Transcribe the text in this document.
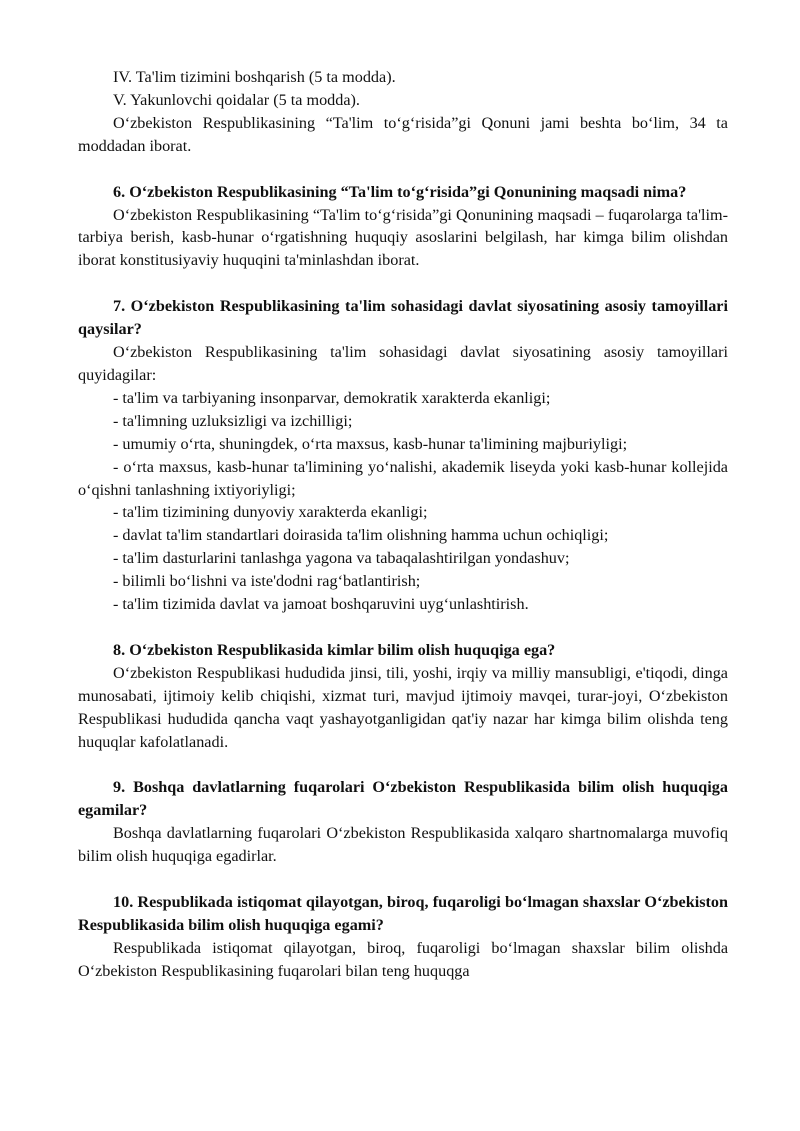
IV. Ta'lim tizimini boshqarish (5 ta modda).

V. Yakunlovchi qoidalar (5 ta modda).

O‘zbekiston Respublikasining “Ta'lim to‘g‘risida”gi Qonuni jami beshta bo‘lim, 34 ta moddadan iborat.

6. O‘zbekiston Respublikasining “Ta'lim to‘g‘risida”gi Qonunining maqsadi nima?

O‘zbekiston Respublikasining “Ta'lim to‘g‘risida”gi Qonunining maqsadi – fuqarolarga ta'lim-tarbiya berish, kasb-hunar o‘rgatishning huquqiy asoslarini belgilash, har kimga bilim olishdan iborat konstitusiyaviy huquqini ta'minlashdan iborat.

7. O‘zbekiston Respublikasining ta'lim sohasidagi davlat siyosatining asosiy tamoyillari qaysilar?

O‘zbekiston Respublikasining ta'lim sohasidagi davlat siyosatining asosiy tamoyillari quyidagilar:

- ta'lim va tarbiyaning insonparvar, demokratik xarakterda ekanligi;

- ta'limning uzluksizligi va izchilligi;

- umumiy o‘rta, shuningdek, o‘rta maxsus, kasb-hunar ta'limining majburiyligi;

- o‘rta maxsus, kasb-hunar ta'limining yo‘nalishi, akademik liseyda yoki kasb-hunar kollejida o‘qishni tanlashning ixtiyoriyligi;

- ta'lim tizimining dunyoviy xarakterda ekanligi;

- davlat ta'lim standartlari doirasida ta'lim olishning hamma uchun ochiqligi;

- ta'lim dasturlarini tanlashga yagona va tabaqalashtirilgan yondashuv;

- bilimli bo‘lishni va iste'dodni rag‘batlantirish;

- ta'lim tizimida davlat va jamoat boshqaruvini uyg‘unlashtirish.

8. O‘zbekiston Respublikasida kimlar bilim olish huquqiga ega?

O‘zbekiston Respublikasi hududida jinsi, tili, yoshi, irqiy va milliy mansubligi, e'tiqodi, dinga munosabati, ijtimoiy kelib chiqishi, xizmat turi, mavjud ijtimoiy mavqei, turar-joyi, O‘zbekiston Respublikasi hududida qancha vaqt yashayotganligidan qat'iy nazar har kimga bilim olishda teng huquqlar kafolatlanadi.

9. Boshqa davlatlarning fuqarolari O‘zbekiston Respublikasida bilim olish huquqiga egamilar?

Boshqa davlatlarning fuqarolari O‘zbekiston Respublikasida xalqaro shartnomalarga muvofiq bilim olish huquqiga egadirlar.

10. Respublikada istiqomat qilayotgan, biroq, fuqaroligi bo‘lmagan shaxslar O‘zbekiston Respublikasida bilim olish huquqiga egami?

Respublikada istiqomat qilayotgan, biroq, fuqaroligi bo‘lmagan shaxslar bilim olishda O‘zbekiston Respublikasining fuqarolari bilan teng huquqga
